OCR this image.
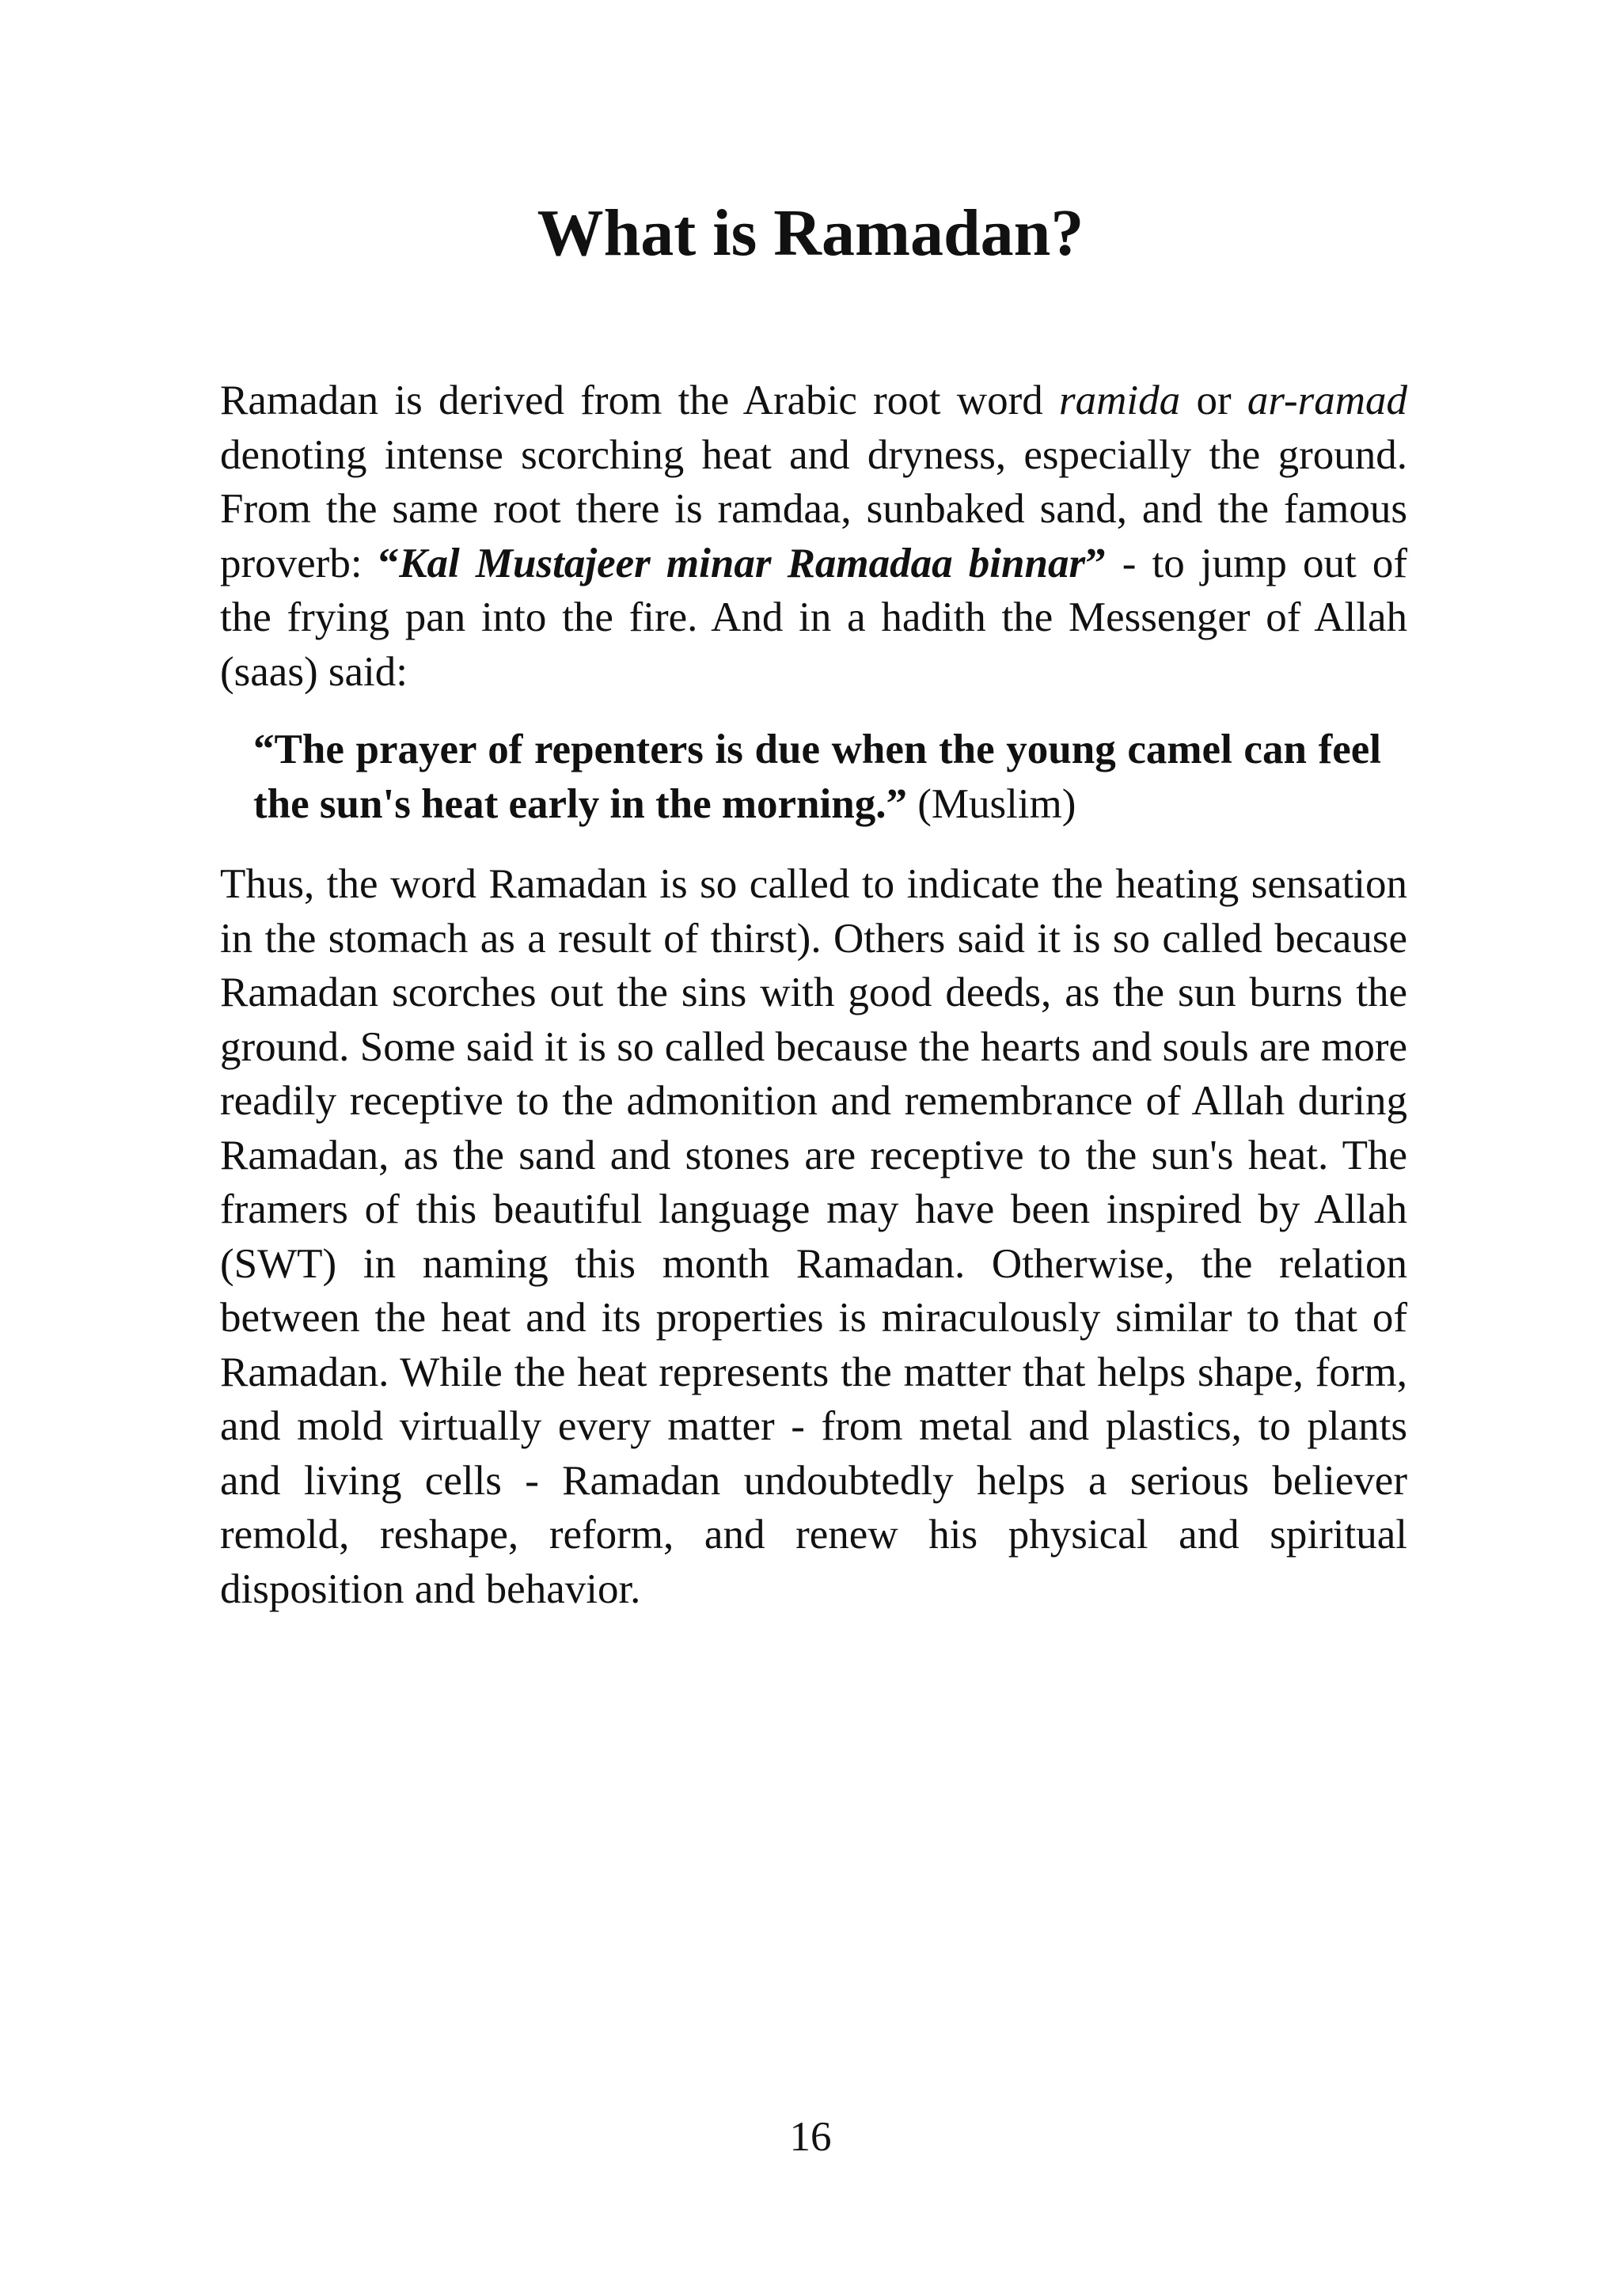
What is Ramadan?

Ramadan is derived from the Arabic root word ramida or ar-ramad denoting intense scorching heat and dryness, especially the ground. From the same root there is ramdaa, sunbaked sand, and the famous proverb: “Kal Mustajeer minar Ramadaa binnar” - to jump out of the frying pan into the fire. And in a hadith the Messenger of Allah (saas) said:

“The prayer of repenters is due when the young camel can feel the sun's heat early in the morning.” (Muslim)

Thus, the word Ramadan is so called to indicate the heating sensation in the stomach as a result of thirst). Others said it is so called because Ramadan scorches out the sins with good deeds, as the sun burns the ground. Some said it is so called because the hearts and souls are more readily receptive to the admonition and remembrance of Allah during Ramadan, as the sand and stones are receptive to the sun's heat. The framers of this beautiful language may have been inspired by Allah (SWT) in naming this month Ramadan. Otherwise, the relation between the heat and its properties is miraculously similar to that of Ramadan. While the heat represents the matter that helps shape, form, and mold virtually every matter - from metal and plastics, to plants and living cells - Ramadan undoubtedly helps a serious believer remold, reshape, reform, and renew his physical and spiritual disposition and behavior.

16
